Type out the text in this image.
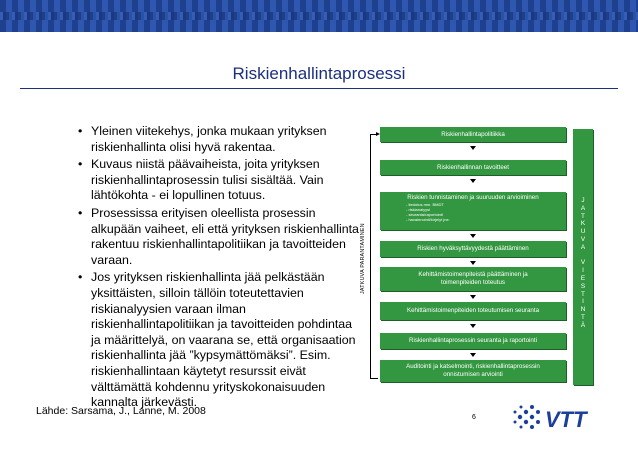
Riskienhallintaprosessi
• Yleinen viitekehys, jonka mukaan yrityksen riskienhallinta olisi hyvä rakentaa.
• Kuvaus niistä päävaiheista, joita yrityksen riskienhallintaprosessin tulisi sisältää. Vain lähtökohta - ei lopullinen totuus.
• Prosessissa erityisen oleellista prosessin alkupään vaiheet, eli että yrityksen riskienhallinta rakentuu riskienhallintapolitiikan ja tavoitteiden varaan.
• Jos yrityksen riskienhallinta jää pelkästään yksittäisten, silloin tällöin toteutettavien riskianalyysien varaan ilman riskienhallintapolitiikan ja tavoitteiden pohdintaa ja määrittelyä, on vaarana se, että organisaation riskienhallinta jää ”kypsymättömäksi”. Esim. riskienhallintaan käytetyt resurssit eivät välttämättä kohdennu yrityskokonaisuuden kannalta järkevästi.
JATKUVA PARANTAMINEN
Riskienhallintapolitiikka
Riskienhallinnan tavoitteet
Riskien tunnistaminen ja suuruuden arvioiminen
- tiedotus mm. BMDT
- riskianalyysi
- seuranta/raportointi
- havainnointi/kirjelyt jne.
Riskien hyväksyttävyydestä päättäminen
Kehittämistoimenpiteistä päättäminen ja toimenpiteiden toteutus
Kehittämistoimenpiteiden toteutumisen seuranta
Riskienhallintaprosessin seuranta ja raportointi
Auditointi ja katselmointi, riskienhallintaprosessin onnistumisen arviointi
J
A
T
K
U
V
A
V
I
E
S
T
I
N
T
Ä
Lähde: Sarsama, J., Lanne, M. 2008
6	VTT
